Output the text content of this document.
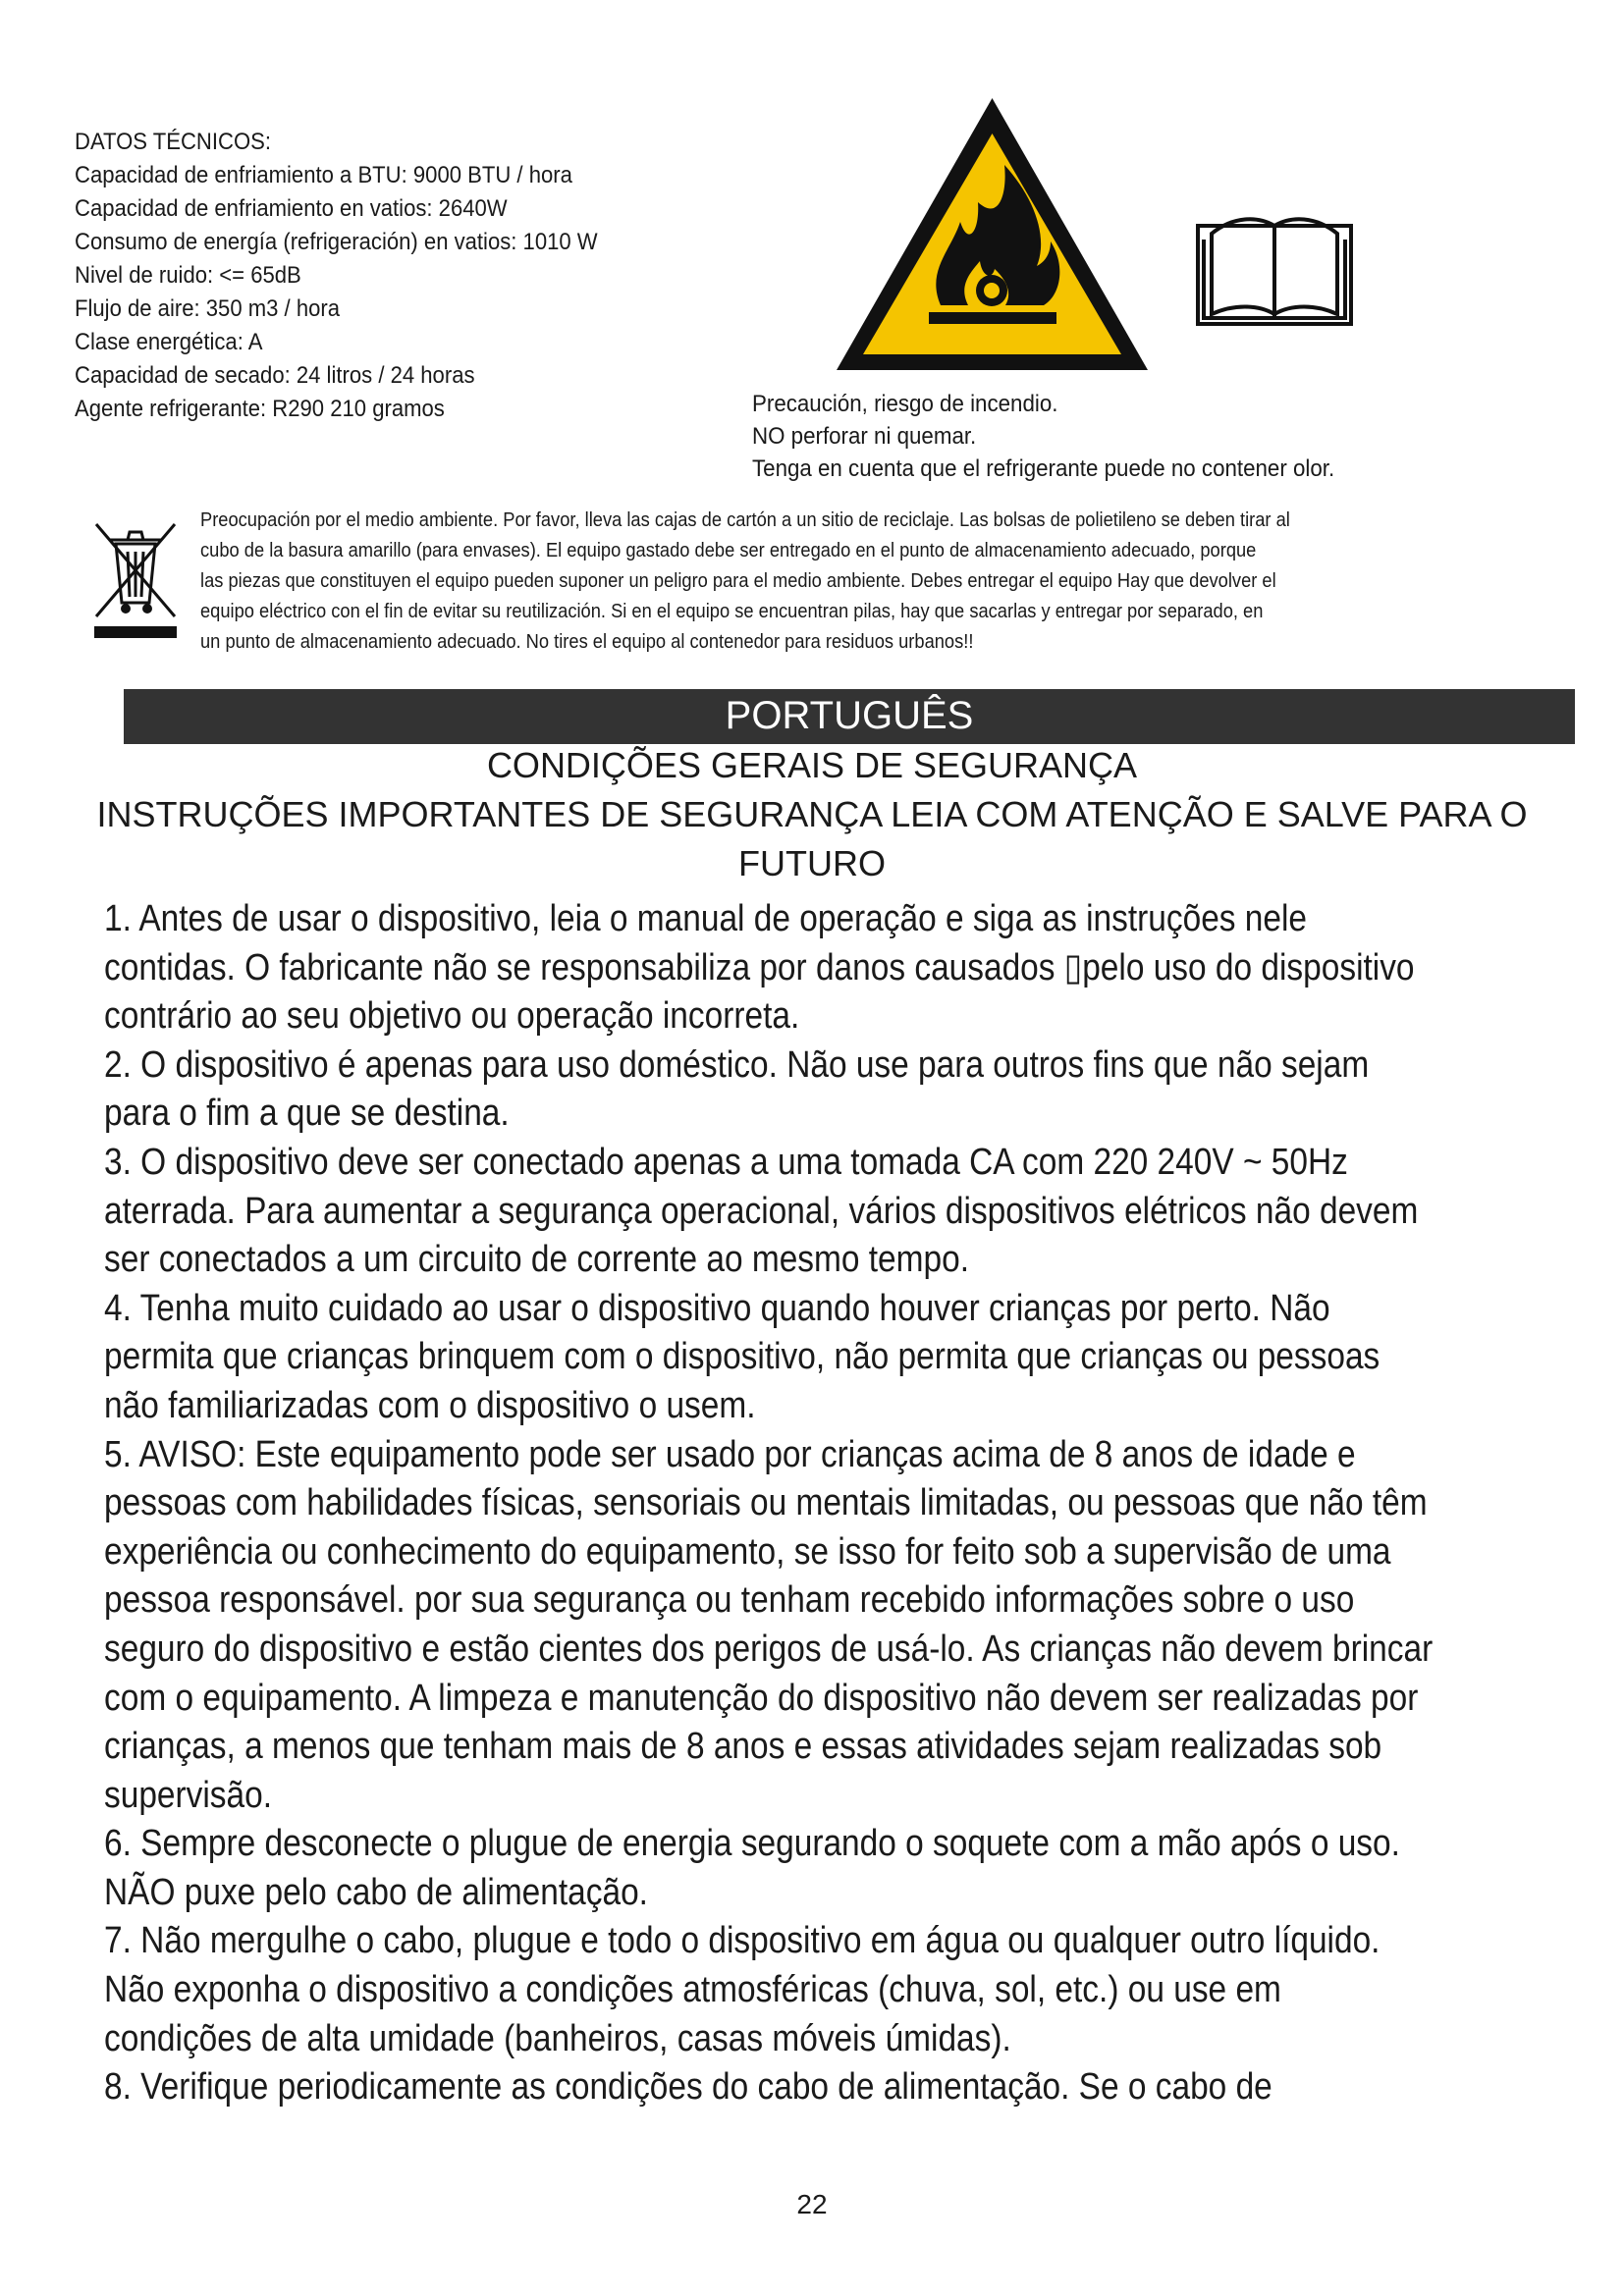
DATOS TÉCNICOS:
Capacidad de enfriamiento a BTU: 9000 BTU / hora
Capacidad de enfriamiento en vatios: 2640W
Consumo de energía (refrigeración) en vatios: 1010 W
Nivel de ruido: <= 65dB
Flujo de aire: 350 m3 / hora
Clase energética: A
Capacidad de secado: 24 litros / 24 horas
Agente refrigerante: R290 210 gramos	Precaución, riesgo de incendio.
NO perforar ni quemar.
Tenga en cuenta que el refrigerante puede no contener olor.
Preocupación por el medio ambiente. Por favor, lleva las cajas de cartón a un sitio de reciclaje. Las bolsas de polietileno se deben tirar al
cubo de la basura amarillo (para envases). El equipo gastado debe ser entregado en el punto de almacenamiento adecuado, porque
las piezas que constituyen el equipo pueden suponer un peligro para el medio ambiente. Debes entregar el equipo Hay que devolver el
equipo eléctrico con el fin de evitar su reutilización. Si en el equipo se encuentran pilas, hay que sacarlas y entregar por separado, en
un punto de almacenamiento adecuado. No tires el equipo al contenedor para residuos urbanos!!
PORTUGUÊS
CONDIÇÕES GERAIS DE SEGURANÇA
INSTRUÇÕES IMPORTANTES DE SEGURANÇA LEIA COM ATENÇÃO E SALVE PARA O
FUTURO
1. Antes de usar o dispositivo, leia o manual de operação e siga as instruções nele
contidas. O fabricante não se responsabiliza por danos causados ▯pelo uso do dispositivo
contrário ao seu objetivo ou operação incorreta.
2. O dispositivo é apenas para uso doméstico. Não use para outros fins que não sejam
para o fim a que se destina.
3. O dispositivo deve ser conectado apenas a uma tomada CA com 220 240V ~ 50Hz
aterrada. Para aumentar a segurança operacional, vários dispositivos elétricos não devem
ser conectados a um circuito de corrente ao mesmo tempo.
4. Tenha muito cuidado ao usar o dispositivo quando houver crianças por perto. Não
permita que crianças brinquem com o dispositivo, não permita que crianças ou pessoas
não familiarizadas com o dispositivo o usem.
5. AVISO: Este equipamento pode ser usado por crianças acima de 8 anos de idade e
pessoas com habilidades físicas, sensoriais ou mentais limitadas, ou pessoas que não têm
experiência ou conhecimento do equipamento, se isso for feito sob a supervisão de uma
pessoa responsável. por sua segurança ou tenham recebido informações sobre o uso
seguro do dispositivo e estão cientes dos perigos de usá-lo. As crianças não devem brincar
com o equipamento. A limpeza e manutenção do dispositivo não devem ser realizadas por
crianças, a menos que tenham mais de 8 anos e essas atividades sejam realizadas sob
supervisão.
6. Sempre desconecte o plugue de energia segurando o soquete com a mão após o uso.
NÃO puxe pelo cabo de alimentação.
7. Não mergulhe o cabo, plugue e todo o dispositivo em água ou qualquer outro líquido.
Não exponha o dispositivo a condições atmosféricas (chuva, sol, etc.) ou use em
condições de alta umidade (banheiros, casas móveis úmidas).
8. Verifique periodicamente as condições do cabo de alimentação. Se o cabo de
22
